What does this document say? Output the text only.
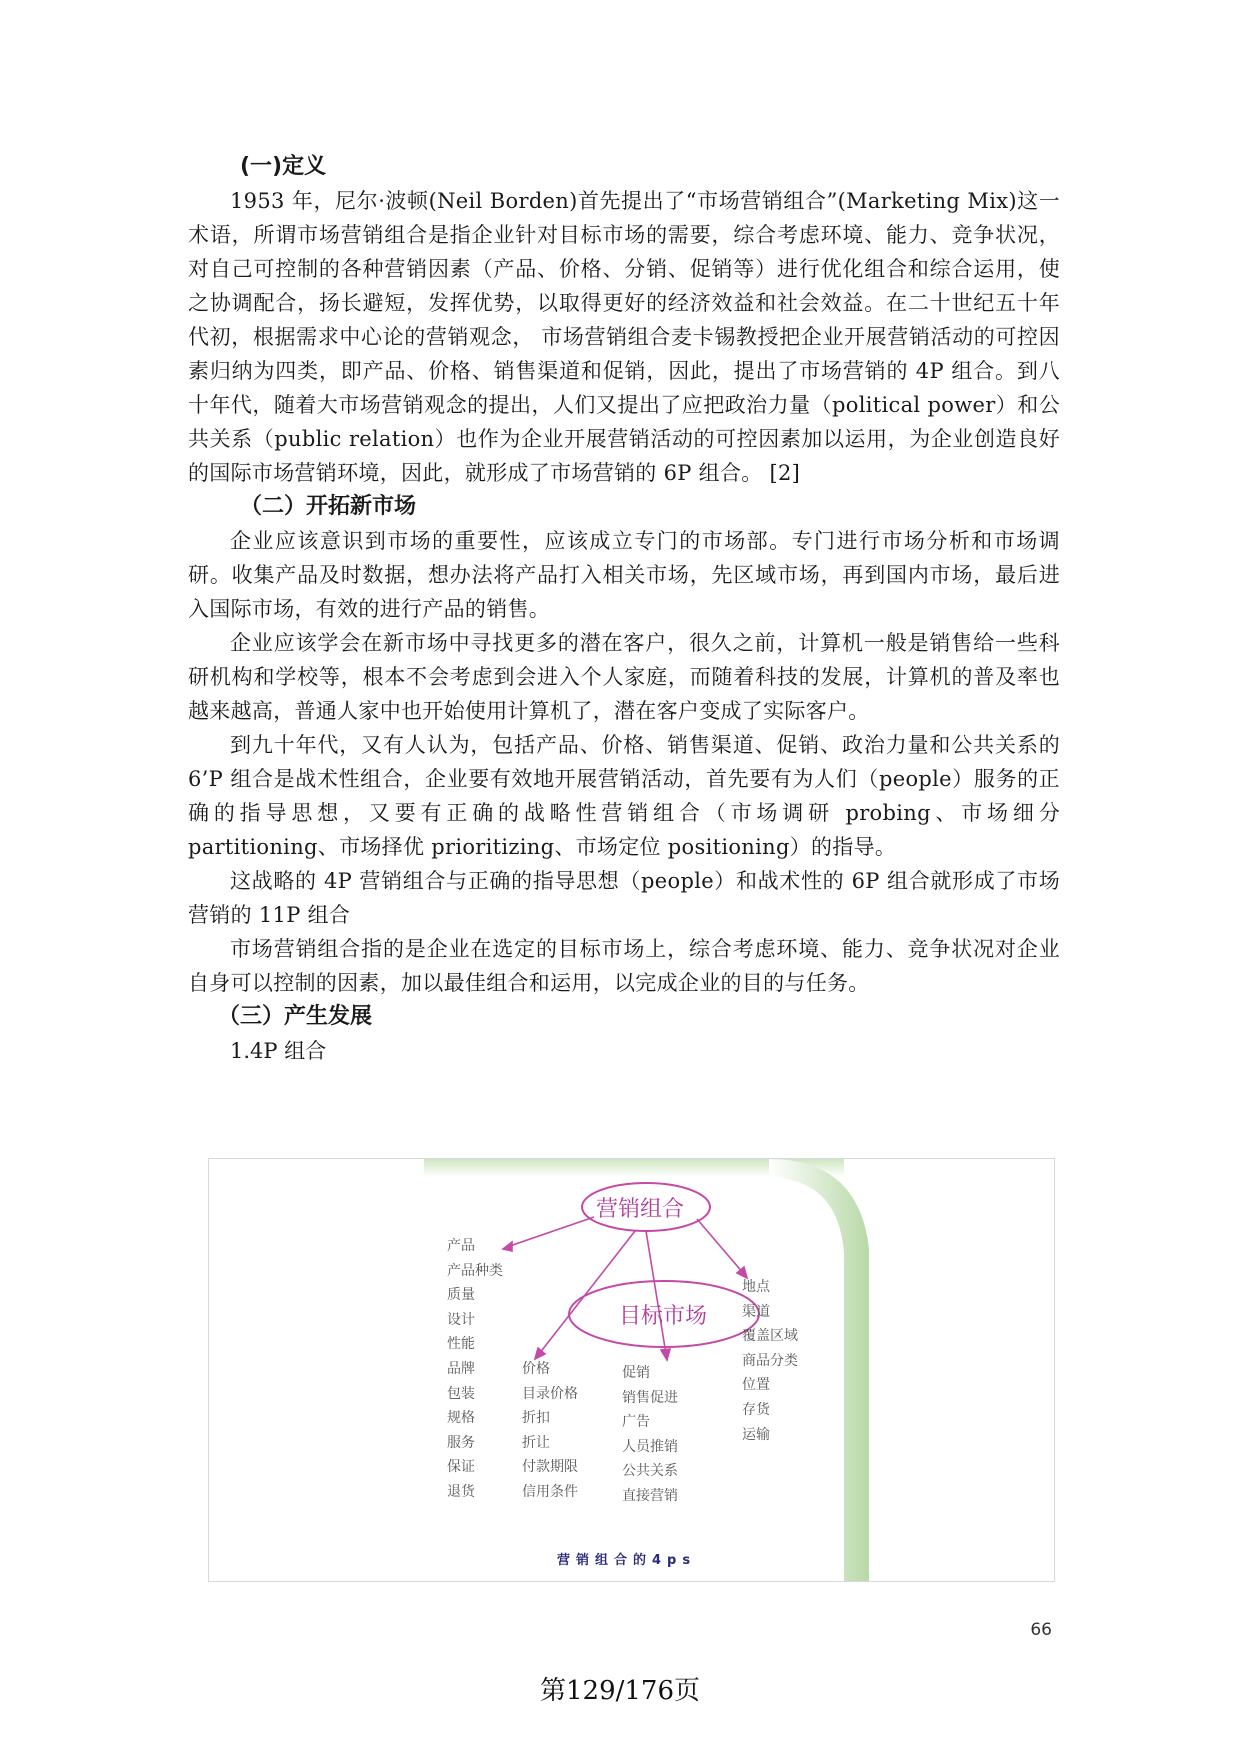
(一)定义

1953 年，尼尔·波顿(Neil Borden)首先提出了“市场营销组合”(Marketing Mix)这一术语，所谓市场营销组合是指企业针对目标市场的需要，综合考虑环境、能力、竞争状况，对自己可控制的各种营销因素（产品、价格、分销、促销等）进行优化组合和综合运用，使之协调配合，扬长避短，发挥优势，以取得更好的经济效益和社会效益。在二十世纪五十年代初，根据需求中心论的营销观念， 市场营销组合麦卡锡教授把企业开展营销活动的可控因素归纳为四类，即产品、价格、销售渠道和促销，因此，提出了市场营销的 4P 组合。到八十年代，随着大市场营销观念的提出，人们又提出了应把政治力量（political power）和公共关系（public relation）也作为企业开展营销活动的可控因素加以运用，为企业创造良好的国际市场营销环境，因此，就形成了市场营销的 6P 组合。 [2]

（二）开拓新市场

企业应该意识到市场的重要性，应该成立专门的市场部。专门进行市场分析和市场调研。收集产品及时数据，想办法将产品打入相关市场，先区域市场，再到国内市场，最后进入国际市场，有效的进行产品的销售。

企业应该学会在新市场中寻找更多的潜在客户，很久之前，计算机一般是销售给一些科研机构和学校等，根本不会考虑到会进入个人家庭，而随着科技的发展，计算机的普及率也越来越高，普通人家中也开始使用计算机了，潜在客户变成了实际客户。

到九十年代，又有人认为，包括产品、价格、销售渠道、促销、政治力量和公共关系的 6’P 组合是战术性组合，企业要有效地开展营销活动，首先要有为人们（people）服务的正确的指导思想，又要有正确的战略性营销组合（市场调研 probing、市场细分 partitioning、市场择优 prioritizing、市场定位 positioning）的指导。

这战略的 4P 营销组合与正确的指导思想（people）和战术性的 6P 组合就形成了市场营销的 11P 组合

市场营销组合指的是企业在选定的目标市场上，综合考虑环境、能力、竞争状况对企业自身可以控制的因素，加以最佳组合和运用，以完成企业的目的与任务。

（三）产生发展

1.4P 组合

营销组合
目标市场
产品
产品种类
质量
设计
性能
品牌
包装
规格
服务
保证
退货
价格
目录价格
折扣
折让
付款期限
信用条件
促销
销售促进
广告
人员推销
公共关系
直接营销
地点
渠道
覆盖区域
商品分类
位置
存货
运输
营销组合的4ps
66
第129/176页
